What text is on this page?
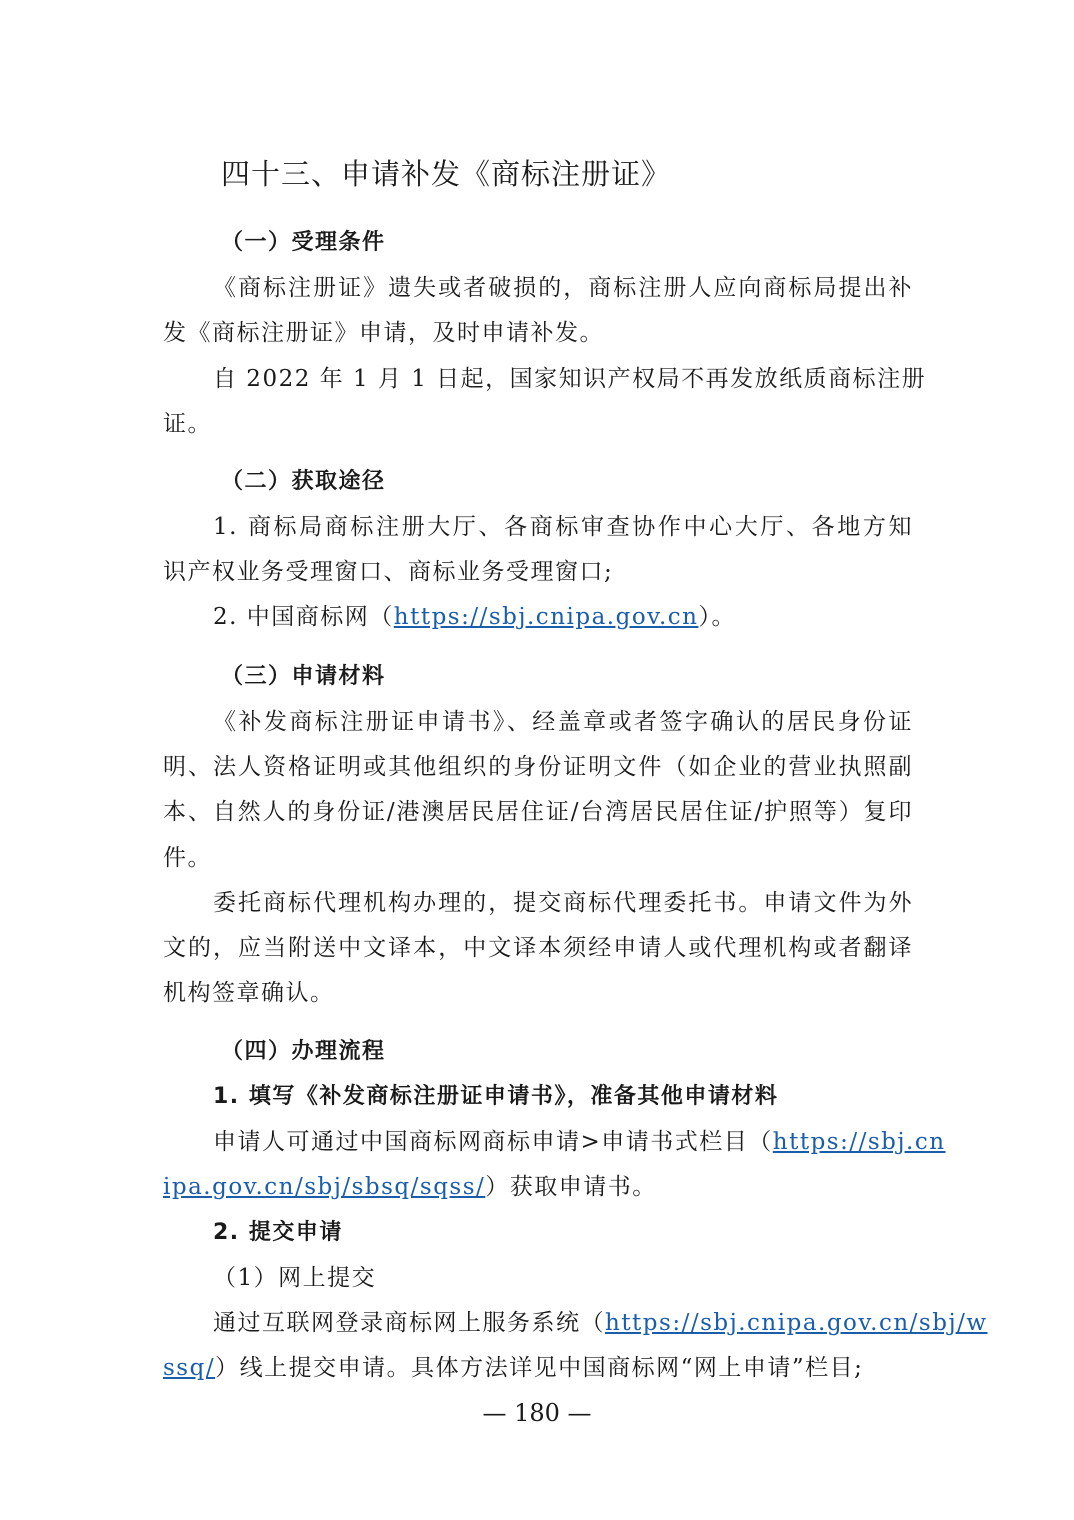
四十三、申请补发《商标注册证》
（一）受理条件
《商标注册证》遗失或者破损的，商标注册人应向商标局提出补
发《商标注册证》申请，及时申请补发。
自 2022 年 1 月 1 日起，国家知识产权局不再发放纸质商标注册
证。
（二）获取途径
1. 商标局商标注册大厅、各商标审查协作中心大厅、各地方知
识产权业务受理窗口、商标业务受理窗口;
2. 中国商标网（https://sbj.cnipa.gov.cn）。
（三）申请材料
《补发商标注册证申请书》、经盖章或者签字确认的居民身份证
明、法人资格证明或其他组织的身份证明文件（如企业的营业执照副
本、自然人的身份证/港澳居民居住证/台湾居民居住证/护照等）复印
件。
委托商标代理机构办理的，提交商标代理委托书。申请文件为外
文的，应当附送中文译本，中文译本须经申请人或代理机构或者翻译
机构签章确认。
（四）办理流程
1. 填写《补发商标注册证申请书》，准备其他申请材料
申请人可通过中国商标网商标申请>申请书式栏目（https://sbj.cn
ipa.gov.cn/sbj/sbsq/sqss/）获取申请书。
2. 提交申请
（1）网上提交
通过互联网登录商标网上服务系统（https://sbj.cnipa.gov.cn/sbj/w
ssq/）线上提交申请。具体方法详见中国商标网“网上申请”栏目;
— 180 —
